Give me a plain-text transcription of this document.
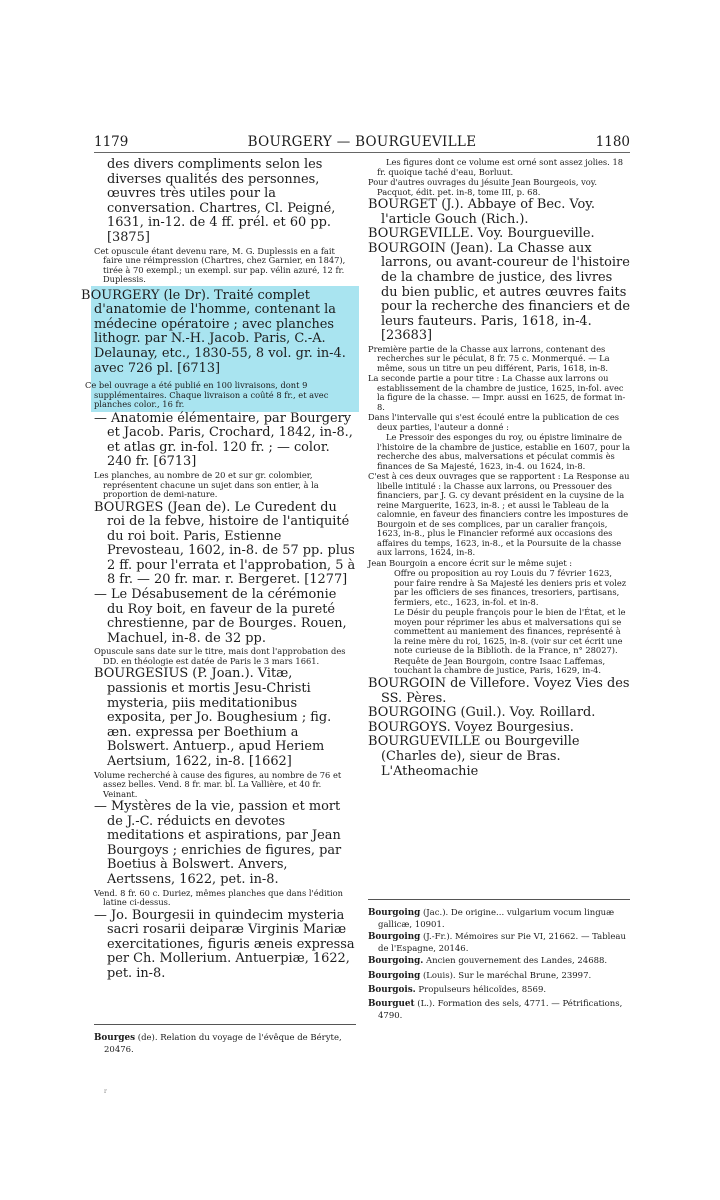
1179	BOURGERY — BOURGUEVILLE	1180

des divers compliments selon les diverses qualités des personnes, œuvres très utiles pour la conversation. Chartres, Cl. Peigné, 1631, in-12. de 4 ff. prél. et 60 pp. [3875]

Cet opuscule étant devenu rare, M. G. Duplessis en a fait faire une réimpression (Chartres, chez Garnier, en 1847), tirée à 70 exempl.; un exempl. sur pap. vélin azuré, 12 fr. Duplessis.

BOURGERY (le Dr). Traité complet d'anatomie de l'homme, contenant la médecine opératoire ; avec planches lithogr. par N.-H. Jacob. Paris, C.-A. Delaunay, etc., 1830-55, 8 vol. gr. in-4. avec 726 pl. [6713]

Ce bel ouvrage a été publié en 100 livraisons, dont 9 supplémentaires. Chaque livraison a coûté 8 fr., et avec planches color., 16 fr.

— Anatomie élémentaire, par Bourgery et Jacob. Paris, Crochard, 1842, in-8., et atlas gr. in-fol. 120 fr. ; — color. 240 fr. [6713]

Les planches, au nombre de 20 et sur gr. colombier, représentent chacune un sujet dans son entier, à la proportion de demi-nature.

BOURGES (Jean de). Le Curedent du roi de la febve, histoire de l'antiquité du roi boit. Paris, Estienne Prevosteau, 1602, in-8. de 57 pp. plus 2 ff. pour l'errata et l'approbation, 5 à 8 fr. — 20 fr. mar. r. Bergeret. [1277]

— Le Désabusement de la cérémonie du Roy boit, en faveur de la pureté chrestienne, par de Bourges. Rouen, Machuel, in-8. de 32 pp.

Opuscule sans date sur le titre, mais dont l'approbation des DD. en théologie est datée de Paris le 3 mars 1661.

BOURGESIUS (P. Joan.). Vitæ, passionis et mortis Jesu-Christi mysteria, piis meditationibus exposita, per Jo. Boughesium ; fig. æn. expressa per Boethium a Bolswert. Antuerp., apud Heriem Aertsium, 1622, in-8. [1662]

Volume recherché à cause des figures, au nombre de 76 et assez belles. Vend. 8 fr. mar. bl. La Vallière, et 40 fr. Veinant.

— Mystères de la vie, passion et mort de J.-C. réduicts en devotes meditations et aspirations, par Jean Bourgoys ; enrichies de figures, par Boetius à Bolswert. Anvers, Aertssens, 1622, pet. in-8.

Vend. 8 fr. 60 c. Duriez, mêmes planches que dans l'édition latine ci-dessus.

— Jo. Bourgesii in quindecim mysteria sacri rosarii deiparæ Virginis Mariæ exercitationes, figuris æneis expressa per Ch. Mollerium. Antuerpiæ, 1622, pet. in-8.

Les figures dont ce volume est orné sont assez jolies. 18 fr. quoique taché d'eau, Borluut.

Pour d'autres ouvrages du jésuite Jean Bourgeois, voy. Pacquot, édit. pet. in-8, tome III, p. 68.

BOURGET (J.). Abbaye of Bec. Voy. l'article Gouch (Rich.).

BOURGEVILLE. Voy. Bourgueville.

BOURGOIN (Jean). La Chasse aux larrons, ou avant-coureur de l'histoire de la chambre de justice, des livres du bien public, et autres œuvres faits pour la recherche des financiers et de leurs fauteurs. Paris, 1618, in-4. [23683]

Première partie de la Chasse aux larrons, contenant des recherches sur le péculat, 8 fr. 75 c. Monmerqué. — La même, sous un titre un peu différent, Paris, 1618, in-8.

La seconde partie a pour titre : La Chasse aux larrons ou establissement de la chambre de justice, 1625, in-fol. avec la figure de la chasse. — Impr. aussi en 1625, de format in-8.

Dans l'intervalle qui s'est écoulé entre la publication de ces deux parties, l'auteur a donné :

Le Pressoir des esponges du roy, ou épistre liminaire de l'histoire de la chambre de justice, establie en 1607, pour la recherche des abus, malversations et péculat commis ès finances de Sa Majesté, 1623, in-4. ou 1624, in-8.

C'est à ces deux ouvrages que se rapportent : La Response au libelle intitulé : la Chasse aux larrons, ou Pressouer des financiers, par J. G. cy devant président en la cuysine de la reine Marguerite, 1623, in-8. ; et aussi le Tableau de la calomnie, en faveur des financiers contre les impostures de Bourgoin et de ses complices, par un caralier françois, 1623, in-8., plus le Financier reformé aux occasions des affaires du temps, 1623, in-8., et la Poursuite de la chasse aux larrons, 1624, in-8.

Jean Bourgoin a encore écrit sur le même sujet :

Offre ou proposition au roy Louis du 7 février 1623, pour faire rendre à Sa Majesté les deniers pris et volez par les officiers de ses finances, tresoriers, partisans, fermiers, etc., 1623, in-fol. et in-8.

Le Désir du peuple françois pour le bien de l'État, et le moyen pour réprimer les abus et malversations qui se commettent au maniement des finances, représenté à la reine mère du roi, 1625, in-8. (voir sur cet écrit une note curieuse de la Biblioth. de la France, n° 28027).

Requête de Jean Bourgoin, contre Isaac Laffemas, touchant la chambre de justice, Paris, 1629, in-4.

BOURGOIN de Villefore. Voyez Vies des SS. Pères.

BOURGOING (Guil.). Voy. Roillard.

BOURGOYS. Voyez Bourgesius.

BOURGUEVILLE ou Bourgeville (Charles de), sieur de Bras. L'Atheomachie

Bourges (de). Relation du voyage de l'évêque de Béryte, 20476.

Bourgoing (Jac.). De origine... vulgarium vocum linguæ gallicæ, 10901.

Bourgoing (J.-Fr.). Mémoires sur Pie VI, 21662. — Tableau de l'Espagne, 20146.

Bourgoing. Ancien gouvernement des Landes, 24688.

Bourgoing (Louis). Sur le maréchal Brune, 23997.

Bourgois. Propulseurs hélicoïdes, 8569.

Bourguet (L.). Formation des sels, 4771. — Pétrifications, 4790.

r
